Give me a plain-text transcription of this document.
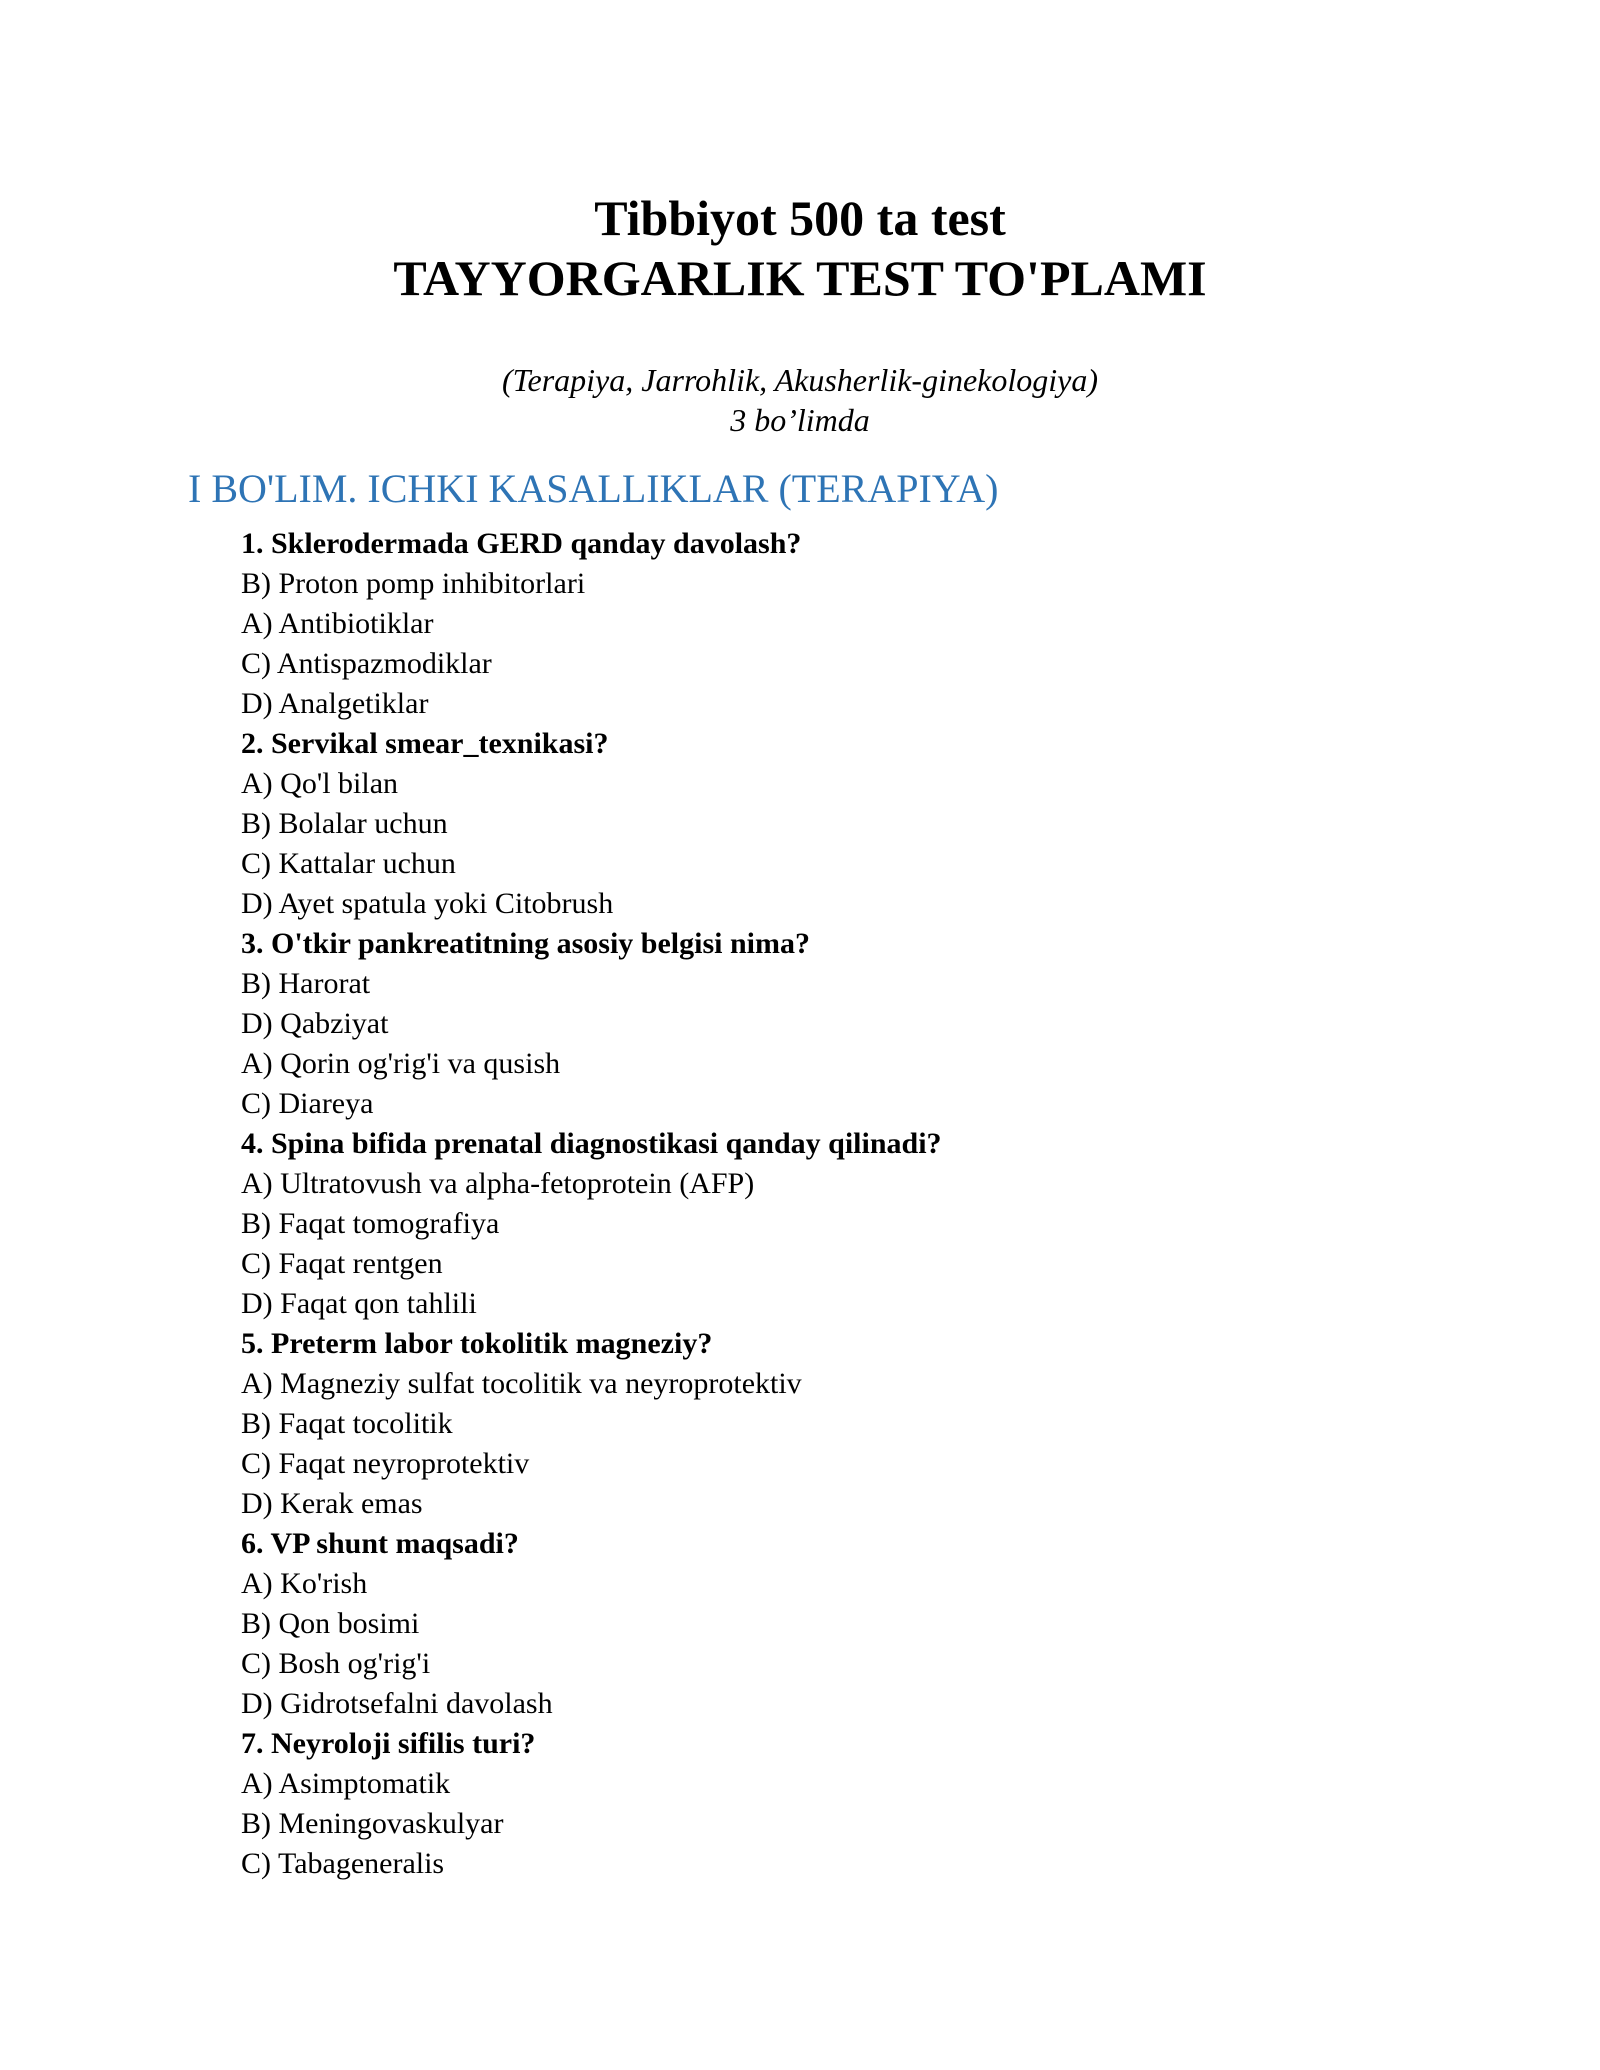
Tibbiyot 500 ta test
TAYYORGARLIK TEST TO'PLAMI
(Terapiya, Jarrohlik, Akusherlik-ginekologiya)
3 bo’limda
I BO'LIM. ICHKI KASALLIKLAR (TERAPIYA)
1. Sklerodermada GERD qanday davolash?
B) Proton pomp inhibitorlari
A) Antibiotiklar
C) Antispazmodiklar
D) Analgetiklar
2. Servikal smear_texnikasi?
A) Qo'l bilan
B) Bolalar uchun
C) Kattalar uchun
D) Ayet spatula yoki Citobrush
3. O'tkir pankreatitning asosiy belgisi nima?
B) Harorat
D) Qabziyat
A) Qorin og'rig'i va qusish
C) Diareya
4. Spina bifida prenatal diagnostikasi qanday qilinadi?
A) Ultratovush va alpha-fetoprotein (AFP)
B) Faqat tomografiya
C) Faqat rentgen
D) Faqat qon tahlili
5. Preterm labor tokolitik magneziy?
A) Magneziy sulfat tocolitik va neyroprotektiv
B) Faqat tocolitik
C) Faqat neyroprotektiv
D) Kerak emas
6. VP shunt maqsadi?
A) Ko'rish
B) Qon bosimi
C) Bosh og'rig'i
D) Gidrotsefalni davolash
7. Neyroloji sifilis turi?
A) Asimptomatik
B) Meningovaskulyar
C) Tabageneralis
